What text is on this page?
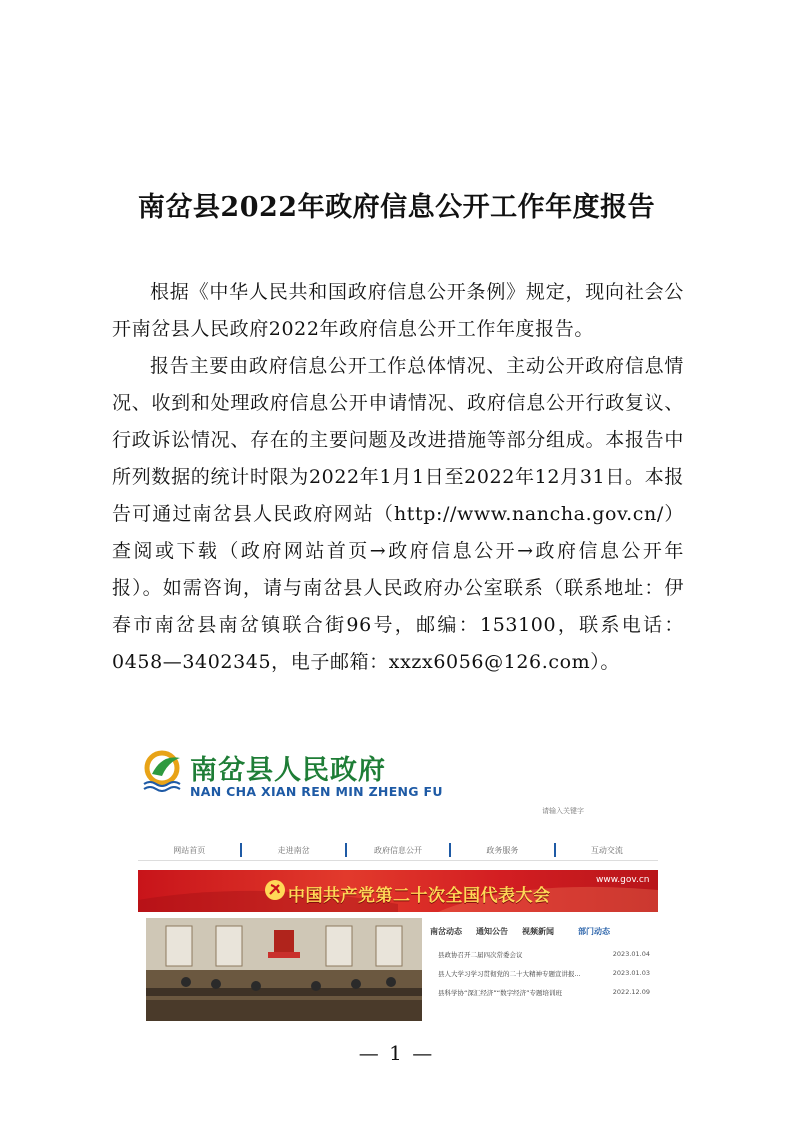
南岔县2022年政府信息公开工作年度报告
根据《中华人民共和国政府信息公开条例》规定，现向社会公开南岔县人民政府2022年政府信息公开工作年度报告。
报告主要由政府信息公开工作总体情况、主动公开政府信息情况、收到和处理政府信息公开申请情况、政府信息公开行政复议、行政诉讼情况、存在的主要问题及改进措施等部分组成。本报告中所列数据的统计时限为2022年1月1日至2022年12月31日。本报告可通过南岔县人民政府网站（http://www.nancha.gov.cn/）查阅或下载（政府网站首页→政府信息公开→政府信息公开年报）。如需咨询，请与南岔县人民政府办公室联系（联系地址：伊春市南岔县南岔镇联合街96号，邮编：153100，联系电话：0458—3402345，电子邮箱：xxzx6056@126.com）。
南岔县人民政府
NAN CHA XIAN REN MIN ZHENG FU
请输入关键字
网站首页	走进南岔	政府信息公开	政务服务	互动交流
中国共产党第二十次全国代表大会
www.gov.cn
南岔动态 通知公告 视频新闻	部门动态
县政协召开二届四次常委会议	2023.01.04
县人大学习学习贯彻党的二十大精神专题宣讲报...	2023.01.03
县科学协“深汇经济”“数字经济”专题培训班	2022.12.09
— 1 —
